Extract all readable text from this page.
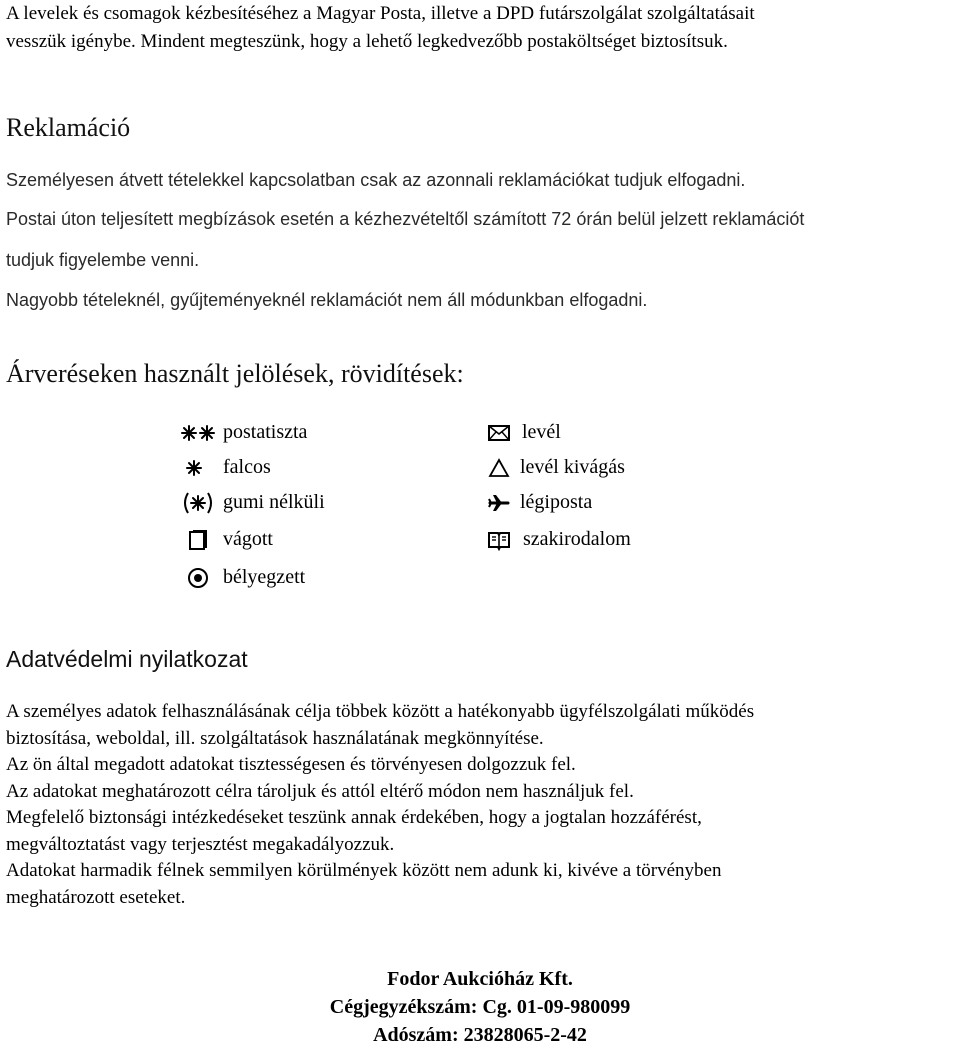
A levelek és csomagok kézbesítéséhez a Magyar Posta, illetve a DPD futárszolgálat szolgáltatásait
vesszük igénybe. Mindent megteszünk, hogy a lehető legkedvezőbb postaköltséget biztosítsuk.
Reklamáció
Személyesen átvett tételekkel kapcsolatban csak az azonnali reklamációkat tudjuk elfogadni.
Postai úton teljesített megbízások esetén a kézhezvételtől számított 72 órán belül jelzett reklamációt
tudjuk figyelembe venni.
Nagyobb tételeknél, gyűjteményeknél reklamációt nem áll módunkban elfogadni.
Árveréseken használt jelölések, rövidítések:
postatiszta
falcos
gumi nélküli
vágott
bélyegzett
levél
levél kivágás
légiposta
szakirodalom
Adatvédelmi nyilatkozat
A személyes adatok felhasználásának célja többek között a hatékonyabb ügyfélszolgálati működés
biztosítása, weboldal, ill. szolgáltatások használatának megkönnyítése.
Az ön által megadott adatokat tisztességesen és törvényesen dolgozzuk fel.
Az adatokat meghatározott célra tároljuk és attól eltérő módon nem használjuk fel.
Megfelelő biztonsági intézkedéseket teszünk annak érdekében, hogy a jogtalan hozzáférést,
megváltoztatást vagy terjesztést megakadályozzuk.
Adatokat harmadik félnek semmilyen körülmények között nem adunk ki, kivéve a törvényben
meghatározott eseteket.
Fodor Aukcióház Kft.
Cégjegyzékszám: Cg. 01-09-980099
Adószám: 23828065-2-42
